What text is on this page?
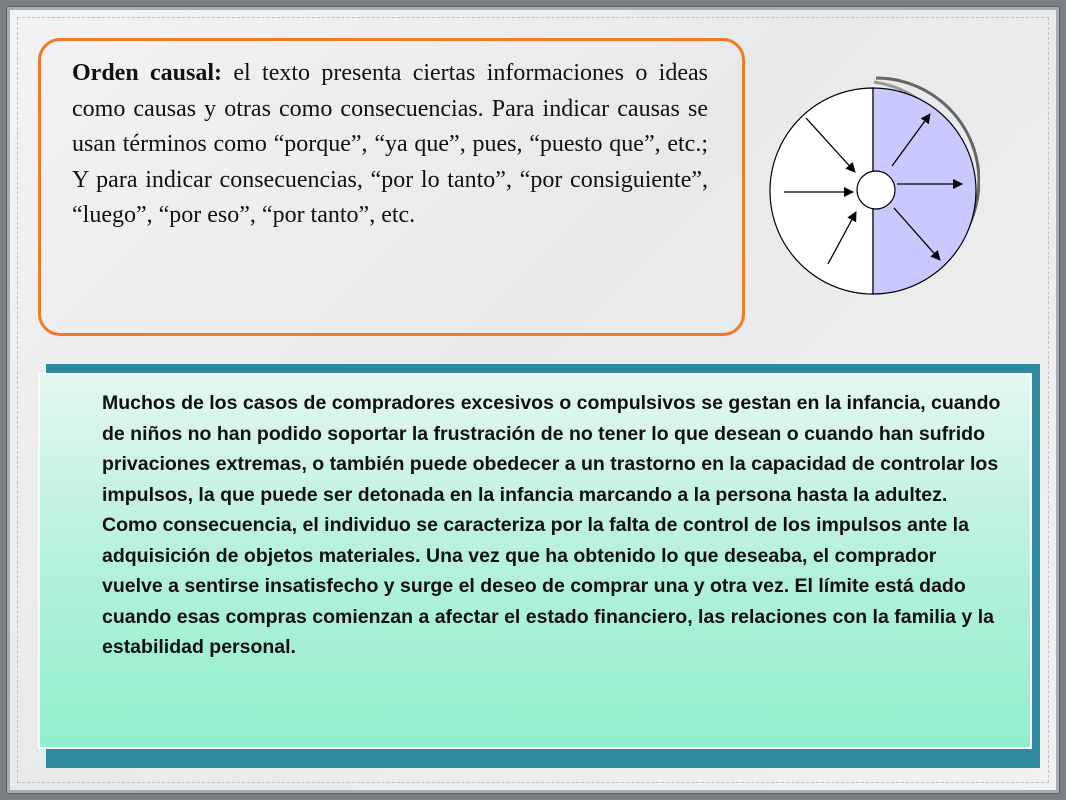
Orden causal: el texto presenta ciertas informaciones o ideas como causas y otras como consecuencias. Para indicar causas se usan términos como “porque”, “ya que”, pues, “puesto que”, etc.; Y para indicar consecuencias, “por lo tanto”, “por consiguiente”, “luego”, “por eso”, “por tanto”, etc.

Muchos de los casos de compradores excesivos o compulsivos se gestan en la infancia, cuando de niños no han podido soportar la frustración de no tener lo que desean o cuando han sufrido privaciones extremas, o también puede obedecer a un trastorno en la capacidad de controlar los impulsos, la que puede ser detonada en la infancia marcando a la persona hasta la adultez. Como consecuencia, el individuo se caracteriza por la falta de control de los impulsos ante la adquisición de objetos materiales. Una vez que ha obtenido lo que deseaba, el comprador vuelve a sentirse insatisfecho y surge el deseo de comprar una y otra vez. El límite está dado cuando esas compras comienzan a afectar el estado financiero, las relaciones con la familia y la estabilidad personal.
